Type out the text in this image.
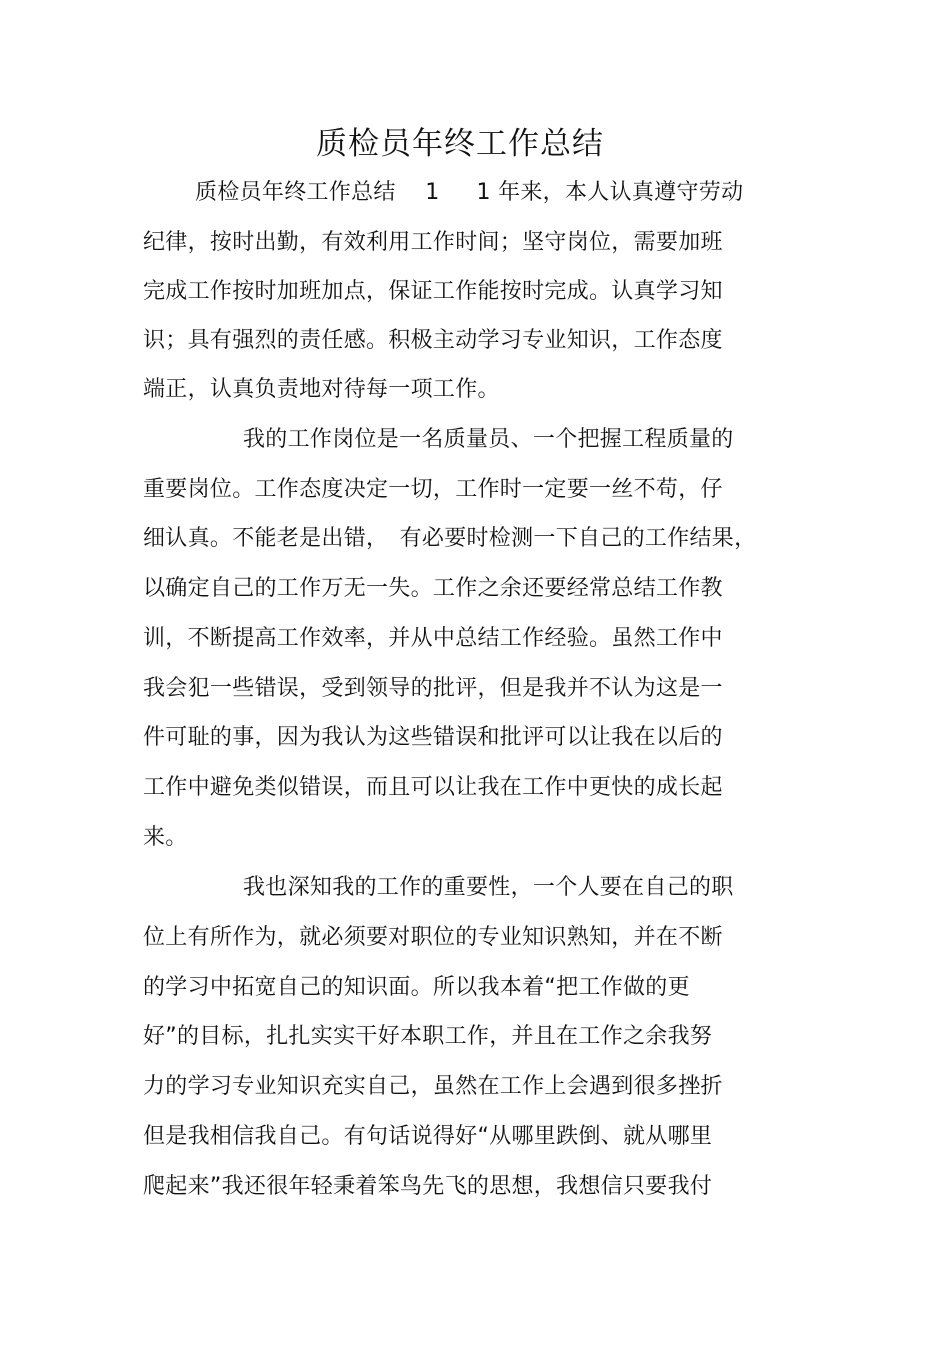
质检员年终工作总结
质检员年终工作总结　 1 　 1 年来，本人认真遵守劳动
纪律，按时出勤，有效利用工作时间；坚守岗位，需要加班
完成工作按时加班加点，保证工作能按时完成。认真学习知
识；具有强烈的责任感。积极主动学习专业知识，工作态度
端正，认真负责地对待每一项工作。
我的工作岗位是一名质量员、一个把握工程质量的
重要岗位。工作态度决定一切，工作时一定要一丝不苟，仔
细认真。不能老是出错，　有必要时检测一下自己的工作结果，
以确定自己的工作万无一失。工作之余还要经常总结工作教
训，不断提高工作效率，并从中总结工作经验。虽然工作中
我会犯一些错误，受到领导的批评，但是我并不认为这是一
件可耻的事，因为我认为这些错误和批评可以让我在以后的
工作中避免类似错误，而且可以让我在工作中更快的成长起
来。
我也深知我的工作的重要性，一个人要在自己的职
位上有所作为，就必须要对职位的专业知识熟知，并在不断
的学习中拓宽自己的知识面。所以我本着“把工作做的更
好”的目标，扎扎实实干好本职工作，并且在工作之余我努
力的学习专业知识充实自己，虽然在工作上会遇到很多挫折
但是我相信我自己。有句话说得好“从哪里跌倒、就从哪里
爬起来”我还很年轻秉着笨鸟先飞的思想，我想信只要我付
